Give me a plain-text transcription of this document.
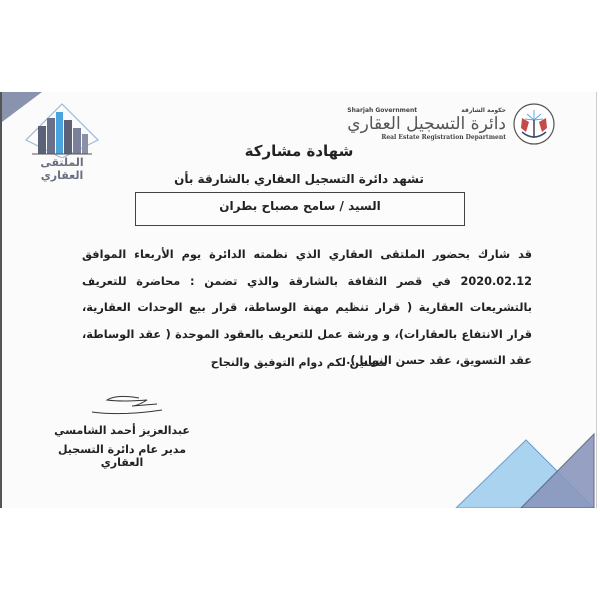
الملتقى العقاري
Sharjah Government	حكومة الشارقة
دائرة التسجيل العقاري
Real Estate Registration Department
شهادة مشاركة
تشهد دائرة التسجيل العقاري بالشارقة بأن
السيد / سامح مصباح بطران
قد شارك بحضور الملتقى العقاري الذي نظمته الدائرة يوم الأربعاء الموافق 2020.02.12 في قصر الثقافة بالشارقة والذي تضمن : محاضرة للتعريف بالتشريعات العقارية ( قرار تنظيم مهنة الوساطة، قرار بيع الوحدات العقارية، قرار الانتفاع بالعقارات)، و ورشة عمل للتعريف بالعقود الموحدة ( عقد الوساطة، عقد التسويق، عقد حسن النوايا ).
متمنين لكم دوام التوفيق والنجاح
عبدالعزيز أحمد الشامسي
مدير عام دائرة التسجيل العقاري
